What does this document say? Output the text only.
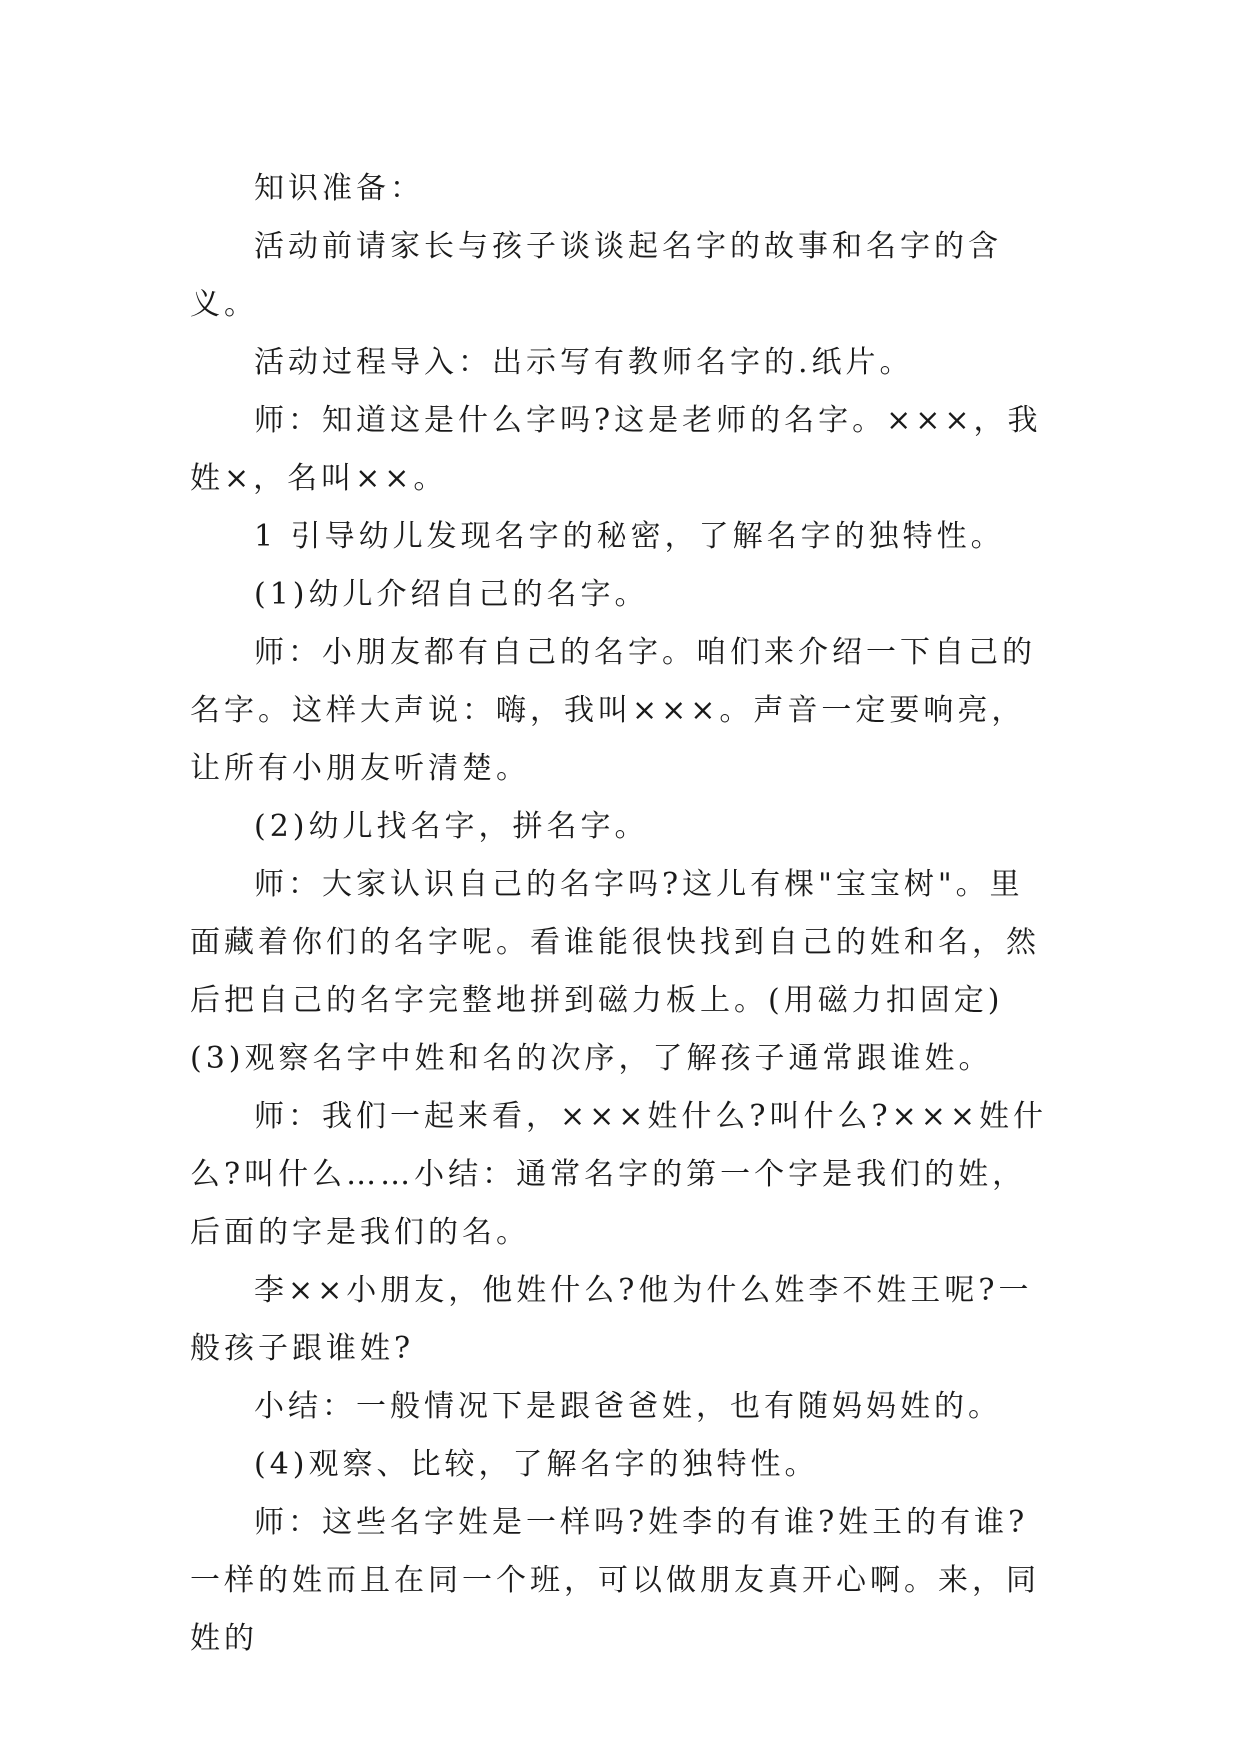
知识准备：

活动前请家长与孩子谈谈起名字的故事和名字的含义。

活动过程导入：出示写有教师名字的.纸片。

师：知道这是什么字吗?这是老师的名字。×××，我姓×，名叫××。

1 引导幼儿发现名字的秘密，了解名字的独特性。

(1)幼儿介绍自己的名字。

师：小朋友都有自己的名字。咱们来介绍一下自己的名字。这样大声说：嗨，我叫×××。声音一定要响亮，让所有小朋友听清楚。

(2)幼儿找名字，拼名字。

师：大家认识自己的名字吗?这儿有棵"宝宝树"。里面藏着你们的名字呢。看谁能很快找到自己的姓和名，然后把自己的名字完整地拼到磁力板上。(用磁力扣固定)(3)观察名字中姓和名的次序，了解孩子通常跟谁姓。

师：我们一起来看，×××姓什么?叫什么?×××姓什么?叫什么……小结：通常名字的第一个字是我们的姓，后面的字是我们的名。

李××小朋友，他姓什么?他为什么姓李不姓王呢?一般孩子跟谁姓?

小结：一般情况下是跟爸爸姓，也有随妈妈姓的。

(4)观察、比较，了解名字的独特性。

师：这些名字姓是一样吗?姓李的有谁?姓王的有谁?一样的姓而且在同一个班，可以做朋友真开心啊。来，同姓的
